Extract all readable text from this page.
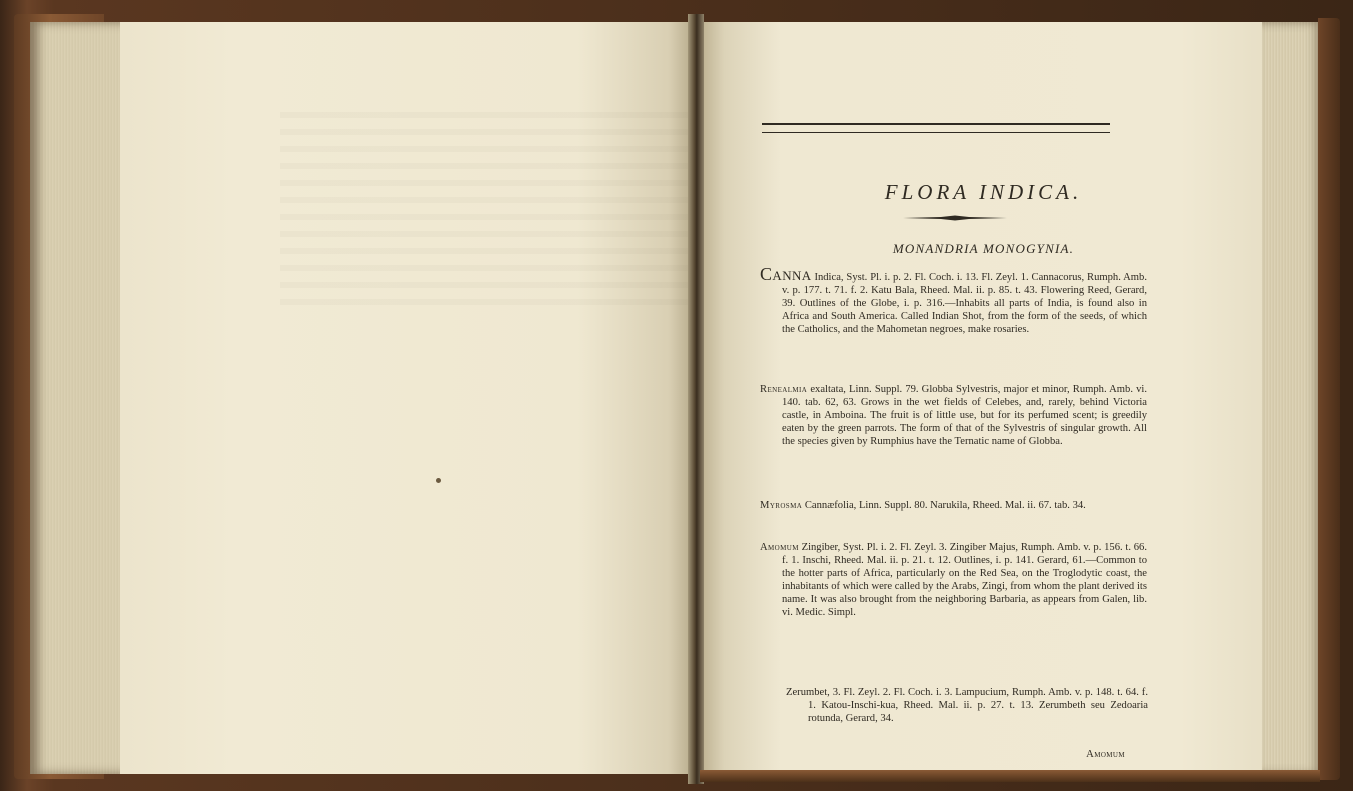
FLORA INDICA.
MONANDRIA MONOGYNIA.
Canna Indica, Syst. Pl. i. p. 2. Fl. Coch. i. 13. Fl. Zeyl. 1. Cannacorus, Rumph. Amb. v. p. 177. t. 71. f. 2. Katu Bala, Rheed. Mal. ii. p. 85. t. 43. Flowering Reed, Gerard, 39. Outlines of the Globe, i. p. 316.—Inhabits all parts of India, is found also in Africa and South America. Called Indian Shot, from the form of the seeds, of which the Catholics, and the Mahometan negroes, make rosaries.
Renealmia exaltata, Linn. Suppl. 79. Globba Sylvestris, major et minor, Rumph. Amb. vi. 140. tab. 62, 63. Grows in the wet fields of Celebes, and, rarely, behind Victoria castle, in Amboina. The fruit is of little use, but for its perfumed scent; is greedily eaten by the green parrots. The form of that of the Sylvestris of singular growth. All the species given by Rumphius have the Ternatic name of Globba.
Myrosma Cannæfolia, Linn. Suppl. 80. Narukila, Rheed. Mal. ii. 67. tab. 34.
Amomum Zingiber, Syst. Pl. i. 2. Fl. Zeyl. 3. Zingiber Majus, Rumph. Amb. v. p. 156. t. 66. f. 1. Inschi, Rheed. Mal. ii. p. 21. t. 12. Outlines, i. p. 141. Gerard, 61.—Common to the hotter parts of Africa, particularly on the Red Sea, on the Troglodytic coast, the inhabitants of which were called by the Arabs, Zingi, from whom the plant derived its name. It was also brought from the neighboring Barbaria, as appears from Galen, lib. vi. Medic. Simpl.
Zerumbet, 3. Fl. Zeyl. 2. Fl. Coch. i. 3. Lampucium, Rumph. Amb. v. p. 148. t. 64. f. 1. Katou-Inschi-kua, Rheed. Mal. ii. p. 27. t. 13. Zerumbeth seu Zedoaria rotunda, Gerard, 34.
Amomum
